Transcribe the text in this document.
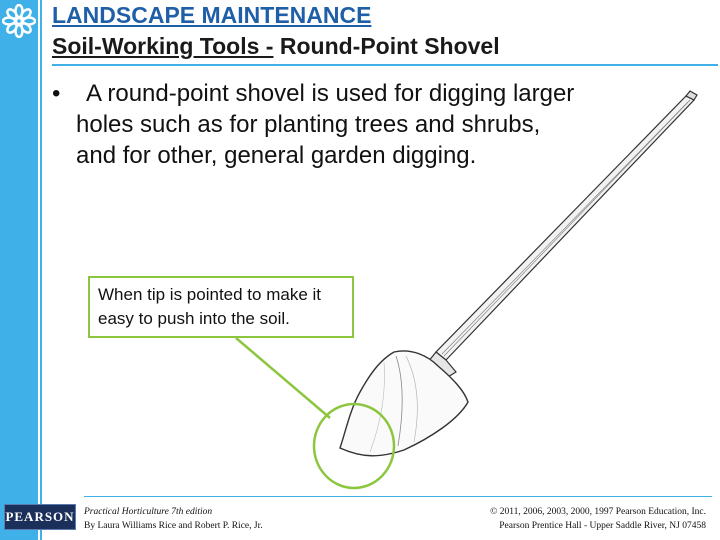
LANDSCAPE MAINTENANCE
Soil-Working Tools - Round-Point Shovel
•	A round-point shovel is used for digging larger holes such as for planting trees and shrubs, and for other, general garden digging.
When tip is pointed to make it easy to push into the soil.
PEARSON Practical Horticulture 7th edition
By Laura Williams Rice and Robert P. Rice, Jr.
© 2011, 2006, 2003, 2000, 1997 Pearson Education, Inc.
Pearson Prentice Hall - Upper Saddle River, NJ 07458
